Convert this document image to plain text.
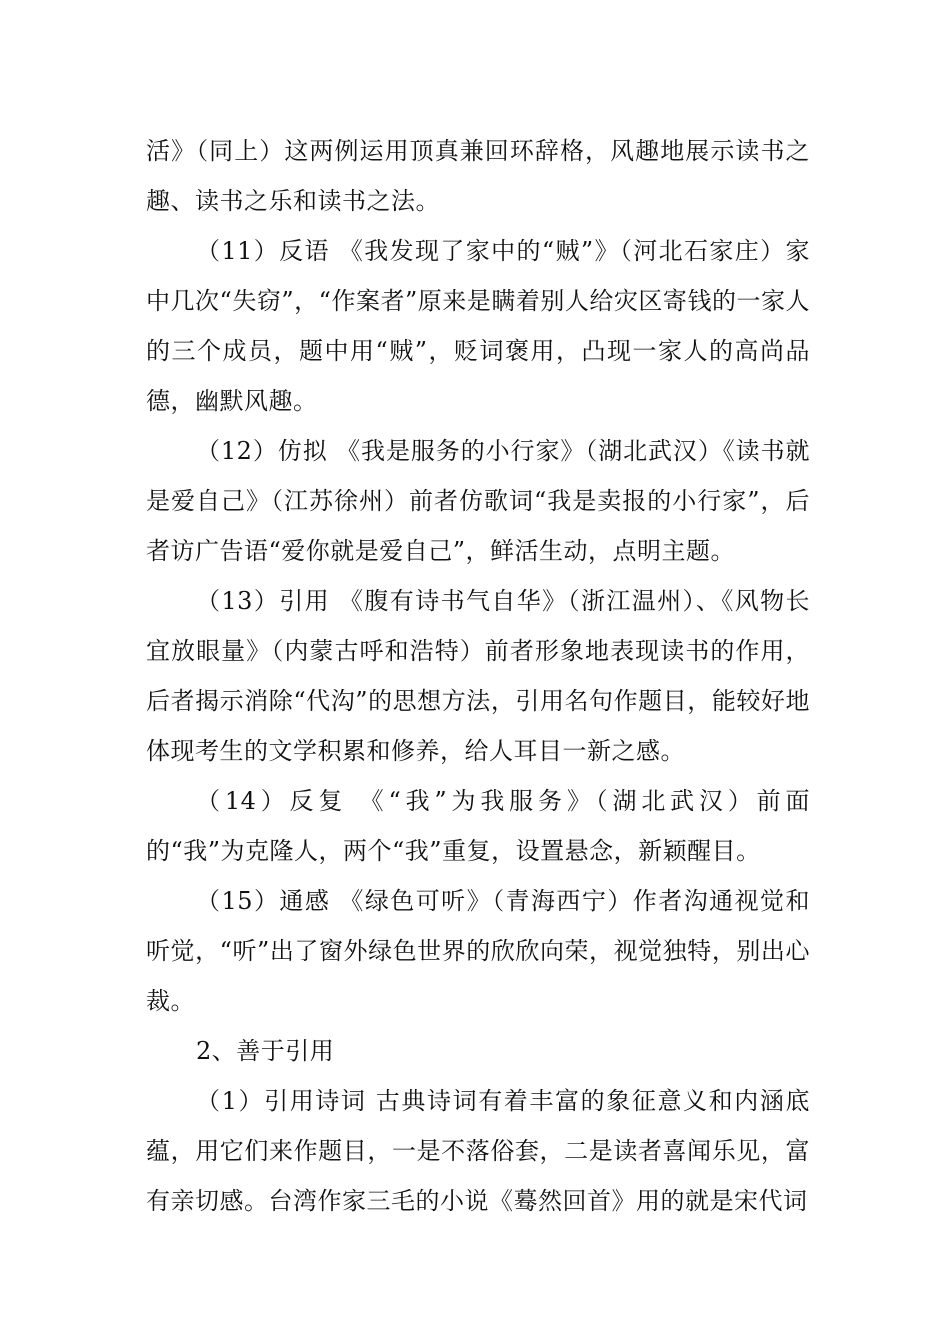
活》（同上）这两例运用顶真兼回环辞格，风趣地展示读书之趣、读书之乐和读书之法。

（11）反语 《我发现了家中的“贼”》（河北石家庄）家中几次“失窃”，“作案者”原来是瞒着别人给灾区寄钱的一家人的三个成员，题中用“贼”，贬词褒用，凸现一家人的高尚品德，幽默风趣。

（12）仿拟 《我是服务的小行家》（湖北武汉）《读书就是爱自己》（江苏徐州）前者仿歌词“我是卖报的小行家”，后者访广告语“爱你就是爱自己”，鲜活生动，点明主题。

（13）引用 《腹有诗书气自华》（浙江温州）、《风物长宜放眼量》（内蒙古呼和浩特）前者形象地表现读书的作用，后者揭示消除“代沟”的思想方法，引用名句作题目，能较好地体现考生的文学积累和修养，给人耳目一新之感。

（14）反复 《“我”为我服务》（湖北武汉）前面的“我”为克隆人，两个“我”重复，设置悬念，新颖醒目。

（15）通感 《绿色可听》（青海西宁）作者沟通视觉和听觉，“听”出了窗外绿色世界的欣欣向荣，视觉独特，别出心裁。

2、善于引用

（1）引用诗词 古典诗词有着丰富的象征意义和内涵底蕴，用它们来作题目，一是不落俗套，二是读者喜闻乐见，富有亲切感。台湾作家三毛的小说《蓦然回首》用的就是宋代词
